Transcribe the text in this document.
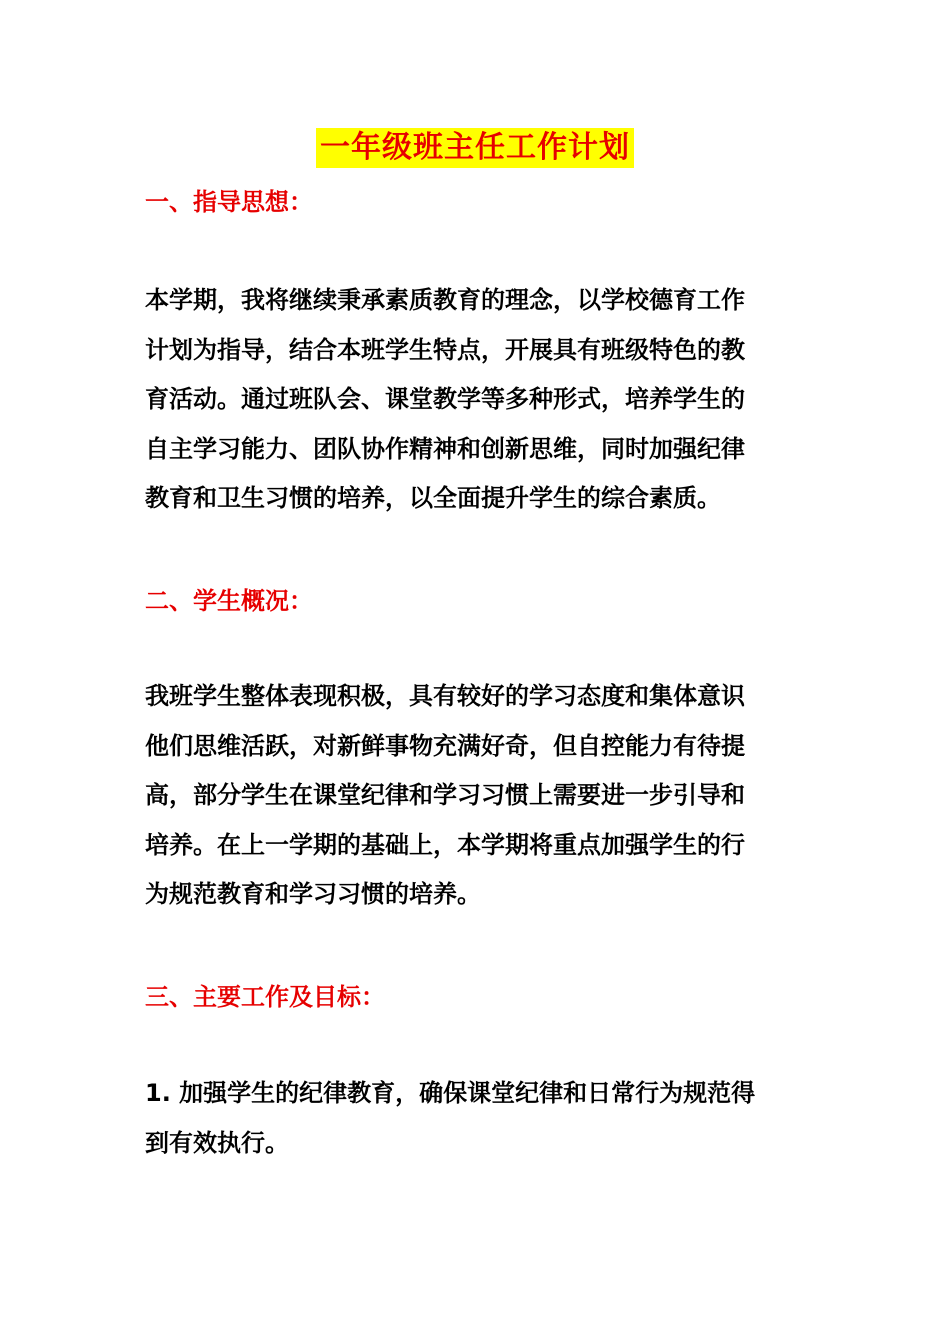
一年级班主任工作计划
一、指导思想：

本学期，我将继续秉承素质教育的理念，以学校德育工作
计划为指导，结合本班学生特点，开展具有班级特色的教
育活动。通过班队会、课堂教学等多种形式，培养学生的
自主学习能力、团队协作精神和创新思维，同时加强纪律
教育和卫生习惯的培养，以全面提升学生的综合素质。

二、学生概况：

我班学生整体表现积极，具有较好的学习态度和集体意识
他们思维活跃，对新鲜事物充满好奇，但自控能力有待提
高，部分学生在课堂纪律和学习习惯上需要进一步引导和
培养。在上一学期的基础上，本学期将重点加强学生的行
为规范教育和学习习惯的培养。

三、主要工作及目标：

1. 加强学生的纪律教育，确保课堂纪律和日常行为规范得
到有效执行。
